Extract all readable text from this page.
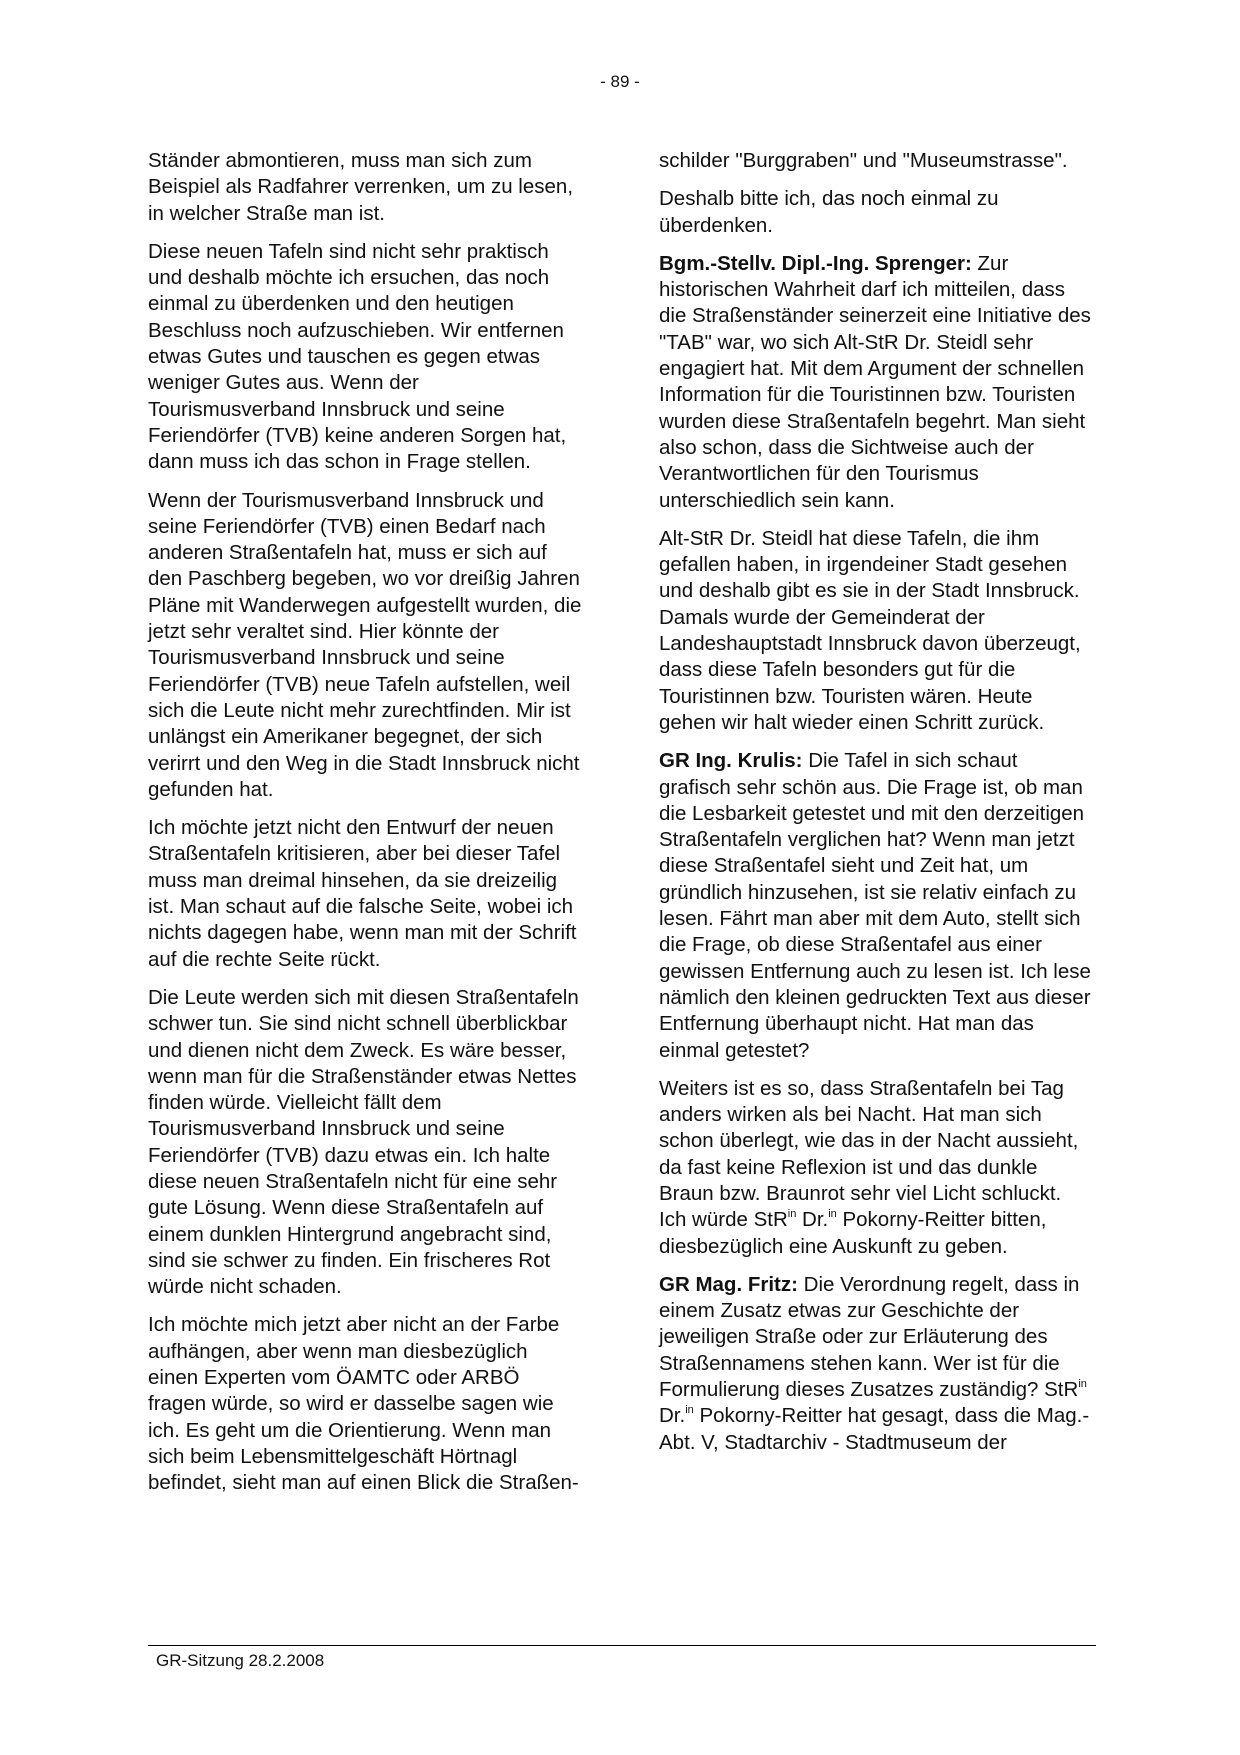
- 89 -

Ständer abmontieren, muss man sich zum Beispiel als Radfahrer verrenken, um zu lesen, in welcher Straße man ist.

Diese neuen Tafeln sind nicht sehr praktisch und deshalb möchte ich ersuchen, das noch einmal zu überdenken und den heutigen Beschluss noch aufzuschieben. Wir entfernen etwas Gutes und tauschen es gegen etwas weniger Gutes aus. Wenn der Tourismusverband Innsbruck und seine Feriendörfer (TVB) keine anderen Sorgen hat, dann muss ich das schon in Frage stellen.

Wenn der Tourismusverband Innsbruck und seine Feriendörfer (TVB) einen Bedarf nach anderen Straßentafeln hat, muss er sich auf den Paschberg begeben, wo vor dreißig Jahren Pläne mit Wanderwegen aufgestellt wurden, die jetzt sehr veraltet sind. Hier könnte der Tourismusverband Innsbruck und seine Feriendörfer (TVB) neue Tafeln aufstellen, weil sich die Leute nicht mehr zurechtfinden. Mir ist unlängst ein Amerikaner begegnet, der sich verirrt und den Weg in die Stadt Innsbruck nicht gefunden hat.

Ich möchte jetzt nicht den Entwurf der neuen Straßentafeln kritisieren, aber bei dieser Tafel muss man dreimal hinsehen, da sie dreizeilig ist. Man schaut auf die falsche Seite, wobei ich nichts dagegen habe, wenn man mit der Schrift auf die rechte Seite rückt.

Die Leute werden sich mit diesen Straßentafeln schwer tun. Sie sind nicht schnell überblickbar und dienen nicht dem Zweck. Es wäre besser, wenn man für die Straßenständer etwas Nettes finden würde. Vielleicht fällt dem Tourismusverband Innsbruck und seine Feriendörfer (TVB) dazu etwas ein. Ich halte diese neuen Straßentafeln nicht für eine sehr gute Lösung. Wenn diese Straßentafeln auf einem dunklen Hintergrund angebracht sind, sind sie schwer zu finden. Ein frischeres Rot würde nicht schaden.

Ich möchte mich jetzt aber nicht an der Farbe aufhängen, aber wenn man diesbezüglich einen Experten vom ÖAMTC oder ARBÖ fragen würde, so wird er dasselbe sagen wie ich. Es geht um die Orientierung. Wenn man sich beim Lebensmittelgeschäft Hörtnagl befindet, sieht man auf einen Blick die Straßen-

schilder "Burggraben" und "Museumstrasse".

Deshalb bitte ich, das noch einmal zu überdenken.

Bgm.-Stellv. Dipl.-Ing. Sprenger: Zur historischen Wahrheit darf ich mitteilen, dass die Straßenständer seinerzeit eine Initiative des "TAB" war, wo sich Alt-StR Dr. Steidl sehr engagiert hat. Mit dem Argument der schnellen Information für die Touristinnen bzw. Touristen wurden diese Straßentafeln begehrt. Man sieht also schon, dass die Sichtweise auch der Verantwortlichen für den Tourismus unterschiedlich sein kann.

Alt-StR Dr. Steidl hat diese Tafeln, die ihm gefallen haben, in irgendeiner Stadt gesehen und deshalb gibt es sie in der Stadt Innsbruck. Damals wurde der Gemeinderat der Landeshauptstadt Innsbruck davon überzeugt, dass diese Tafeln besonders gut für die Touristinnen bzw. Touristen wären. Heute gehen wir halt wieder einen Schritt zurück.

GR Ing. Krulis: Die Tafel in sich schaut grafisch sehr schön aus. Die Frage ist, ob man die Lesbarkeit getestet und mit den derzeitigen Straßentafeln verglichen hat? Wenn man jetzt diese Straßentafel sieht und Zeit hat, um gründlich hinzusehen, ist sie relativ einfach zu lesen. Fährt man aber mit dem Auto, stellt sich die Frage, ob diese Straßentafel aus einer gewissen Entfernung auch zu lesen ist. Ich lese nämlich den kleinen gedruckten Text aus dieser Entfernung überhaupt nicht. Hat man das einmal getestet?

Weiters ist es so, dass Straßentafeln bei Tag anders wirken als bei Nacht. Hat man sich schon überlegt, wie das in der Nacht aussieht, da fast keine Reflexion ist und das dunkle Braun bzw. Braunrot sehr viel Licht schluckt. Ich würde StR$^{in}$ Dr.$^{in}$ Pokorny-Reitter bitten, diesbezüglich eine Auskunft zu geben.

GR Mag. Fritz: Die Verordnung regelt, dass in einem Zusatz etwas zur Geschichte der jeweiligen Straße oder zur Erläuterung des Straßennamens stehen kann. Wer ist für die Formulierung dieses Zusatzes zuständig? StR$^{in}$ Dr.$^{in}$ Pokorny-Reitter hat gesagt, dass die Mag.-Abt. V, Stadtarchiv - Stadtmuseum der

GR-Sitzung 28.2.2008
